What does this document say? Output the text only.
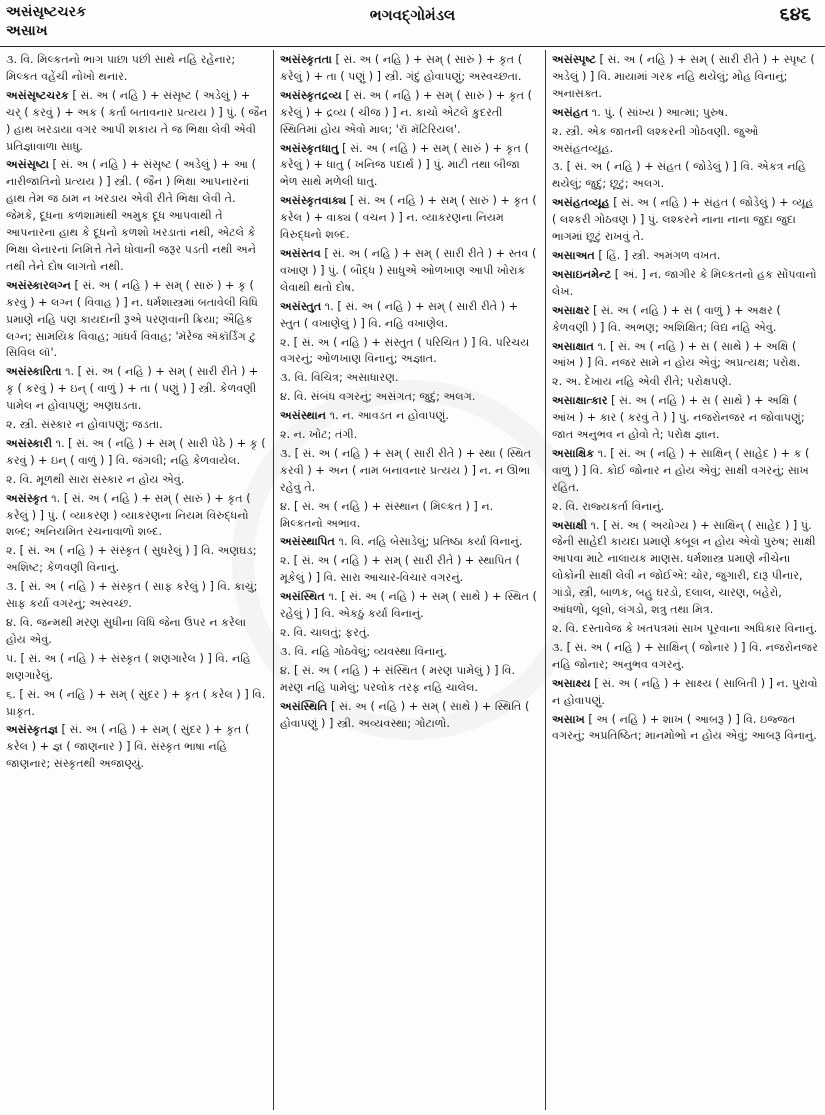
અસંસૃષ્ટચરક
અસાખ
ભગવદ્ગોમંડલ	૬૪૬

૩. વિ. મિલ્કતનો ભાગ પાછા પછી સાથે નહિ રહેનાર; મિલ્કત વહેંચી નોખો થનાર.

અસંસૃષ્ટચરક [ સં. અ ( નહિ ) + સંસૃષ્ટ ( અડેલું ) + ચર્ ( કરવું ) + અક ( કર્તા બતાવનાર પ્રત્યય ) ] પું. ( જૈન ) હાથ ખરડાયા વગર આપી શકાય તે જ ભિક્ષા લેવી એવી પ્રતિજ્ઞાવાળા સાધુ.

અસંસૃષ્ટા [ સં. અ ( નહિ ) + સંસૃષ્ટ ( અડેલું ) + આ ( નારીજાતિનો પ્રત્યય ) ] સ્ત્રી. ( જૈન ) ભિક્ષા આપનારનાં હાથ તેમ જ ઠામ ન ખરડાય એવી રીતે ભિક્ષા લેવી તે. જેમકે, દૂધના કળશામાંથી અમુક દૂધ આપવાથી તે આપનારના હાથ કે દૂધનો કળશો ખરડાતાં નથી, એટલે કે ભિક્ષા લેનારનાં નિમિત્તે તેને ધોવાની જરૂર પડતી નથી અને તથી તેને દોષ લાગતો નથી.

અસંસ્કારલગ્ન [ સં. અ ( નહિ ) + સમ્ ( સારું ) + કૃ ( કરવું ) + લગ્ન ( વિવાહ ) ] ન. ધર્મશાસ્ત્રમાં બતાવેલી વિધિ પ્રમાણે નહિ પણ કાયદાની રૂએ પરણવાની ક્રિયા; ઐહિક લગ્ન; સામયિક વિવાહ; ગાંધર્વ વિવાહ; 'મૅરેજ ઍકૉર્ડિંગ ટુ સિવિલ લૉ'.

અસંસ્કારિતા ૧. [ સં. અ ( નહિ ) + સમ્ ( સારી રીતે ) + કૃ ( કરવું ) + ઇન્ ( વાળું ) + તા ( પણું ) ] સ્ત્રી. કેળવણી પામેલ ન હોવાપણું; અણઘડતા.

૨. સ્ત્રી. સંસ્કાર ન હોવાપણું; જડતા.

અસંસ્કારી ૧. [ સં. અ ( નહિ ) + સમ્ ( સારી પેઠે ) + કૃ ( કરવું ) + ઇન્ ( વાળું ) ] વિ. જંગલી; નહિ કેળવાયેલ.

૨. વિ. મૂળથી સારા સંસ્કાર ન હોય એવું.

અસંસ્કૃત ૧. [ સં. અ ( નહિ ) + સમ્ ( સારું ) + કૃત ( કરેલું ) ] પું. ( વ્યાકરણ ) વ્યાકરણના નિયમ વિરુદ્ધનો શબ્દ; અનિયમિત રચનાવાળો શબ્દ.

૨. [ સં. અ ( નહિ ) + સંસ્કૃત ( સુધરેલું ) ] વિ. અણઘડ; અશિષ્ટ; કેળવણી વિનાનું.

૩. [ સં. અ ( નહિ ) + સંસ્કૃત ( સાફ કરેલું ) ] વિ. કાચું; સાફ કર્યા વગરનું; અસ્વચ્છ.

૪. વિ. જન્મથી મરણ સુધીના વિધિ જેના ઉપર ન કરેલા હોય એવું.

૫. [ સં. અ ( નહિ ) + સંસ્કૃત ( શણગારેલ ) ] વિ. નહિ શણગારેલું.

૬. [ સં. અ ( નહિ ) + સમ્ ( સુંદર ) + કૃત ( કરેલ ) ] વિ. પ્રાકૃત.

અસંસ્કૃતજ્ઞ [ સં. અ ( નહિ ) + સમ્ ( સુંદર ) + કૃત ( કરેલ ) + જ્ઞ ( જાણનાર ) ] વિ. સંસ્કૃત ભાષા નહિ જાણનાર; સંસ્કૃતથી અજાણ્યું.

અસંસ્કૃતતા [ સં. અ ( નહિ ) + સમ્ ( સારું ) + કૃત ( કરેલું ) + તા ( પણું ) ] સ્ત્રી. ગંદું હોવાપણું; અસ્વચ્છતા.

અસંસ્કૃતદ્રવ્ય [ સં. અ ( નહિ ) + સમ્ ( સારું ) + કૃત ( કરેલું ) + દ્રવ્ય ( ચીજ ) ] ન. કાચો એટલે કુદરતી સ્થિતિમાં હોય એવો માલ; 'રૉ મૅટિરિયલ'.

અસંસ્કૃતધાતુ [ સં. અ ( નહિ ) + સમ્ ( સારું ) + કૃત ( કરેલું ) + ધાતુ ( ખનિજ પદાર્થ ) ] પું. માટી તથા બીજા ભેળ સાથે મળેલી ધાતુ.

અસંસ્કૃતવાક્ય [ સં. અ ( નહિ ) + સમ્ ( સારું ) + કૃત ( કરેલ ) + વાક્ય ( વચન ) ] ન. વ્યાકરણના નિયમ વિરુદ્ધનો શબ્દ.

અસંસ્તવ [ સં. અ ( નહિ ) + સમ્ ( સારી રીતે ) + સ્તવ ( વખાણ ) ] પું. ( બૌદ્ધ ) સાધુએ ઓળખાણ આપી ખોરાક લેવાથી થતો દોષ.

અસંસ્તુત ૧. [ સં. અ ( નહિ ) + સમ્ ( સારી રીતે ) + સ્તુત ( વખાણેલું ) ] વિ. નહિ વખાણેલ.

૨. [ સં. અ ( નહિ ) + સંસ્તુત ( પરિચિત ) ] વિ. પરિચય વગરનું; ઓળખાણ વિનાનું; અજ્ઞાત.

૩. વિ. વિચિત્ર; અસાધારણ.

૪. વિ. સંબંધ વગરનું; અસંગત; જુદું; અલગ.

અસંસ્થાન ૧. ન. આવડત ન હોવાપણું.

૨. ન. ખોટ; તંગી.

૩. [ સં. અ ( નહિ ) + સમ્ ( સારી રીતે ) + સ્થા ( સ્થિત કરવી ) + અન ( નામ બનાવનાર પ્રત્યય ) ] ન. ન ઊભા રહેવું તે.

૪. [ સં. અ ( નહિ ) + સંસ્થાન ( મિલ્કત ) ] ન. મિલ્કતનો અભાવ.

અસંસ્થાપિત ૧. વિ. નહિ બેસાડેલું; પ્રતિષ્ઠા કર્યા વિનાનું.

૨. [ સં. અ ( નહિ ) + સમ્ ( સારી રીતે ) + સ્થાપિત ( મૂકેલું ) ] વિ. સારા આચાર-વિચાર વગરનું.

અસંસ્થિત ૧. [ સં. અ ( નહિ ) + સમ્ ( સાથે ) + સ્થિત ( રહેલું ) ] વિ. એકઠું કર્યા વિનાનું.

૨. વિ. ચાલતું; ફરતું.

૩. વિ. નહિ ગોઠવેલું; વ્યવસ્થા વિનાનું.

૪. [ સં. અ ( નહિ ) + સંસ્થિત ( મરણ પામેલું ) ] વિ. મરણ નહિ પામેલું; પરલોક તરફ નહિ ચાલેલ.

અસંસ્થિતિ [ સં. અ ( નહિ ) + સમ્ ( સાથે ) + સ્થિતિ ( હોવાપણું ) ] સ્ત્રી. અવ્યવસ્થા; ગોટાળો.

અસંસ્પૃષ્ટ [ સં. અ ( નહિ ) + સમ્ ( સારી રીતે ) + સ્પૃષ્ટ ( અડેલું ) ] વિ. માયામાં ગરક નહિ થયેલું; મોહ વિનાનું; અનાસક્ત.

અસંહત ૧. પું. ( સાંખ્ય ) આત્મા; પુરુષ.

૨. સ્ત્રી. એક જાતની લશ્કરની ગોઠવણી. જુઓ અસંહતવ્યૂહ.

૩. [ સં. અ ( નહિ ) + સંહત ( જોડેલું ) ] વિ. એકત્ર નહિ થયેલું; જુદું; છૂટું; અલગ.

અસંહતવ્યૂહ [ સં. અ ( નહિ ) + સંહત ( જોડેલું ) + વ્યૂહ ( લશ્કરી ગોઠવણ ) ] પું. લશ્કરને નાના નાના જુદા જુદા ભાગમાં છૂટું રાખવું તે.

અસાઅત [ હિં. ] સ્ત્રી. અમંગળ વખત.

અસાઇનમેન્ટ [ અં. ] ન. જાગીર કે મિલ્કતનો હક સોંપવાનો લેખ.

અસાક્ષર [ સં. અ ( નહિ ) + સ ( વાળું ) + અક્ષર ( કેળવણી ) ] વિ. અભણ; અશિક્ષિત; વિદ્ય નહિ એવું.

અસાક્ષાત ૧. [ સં. અ ( નહિ ) + સ ( સાથે ) + અક્ષિ ( આંખ ) ] વિ. નજર સામે ન હોય એવું; અપ્રત્યક્ષ; પરોક્ષ.

૨. અ. દેખાય નહિ એવી રીતે; પરોક્ષપણે.

અસાક્ષાત્કાર [ સં. અ ( નહિ ) + સ ( સાથે ) + અક્ષિ ( આંખ ) + કાર ( કરવું તે ) ] પું. નજરોનજર ન જોવાપણું; જાત અનુભવ ન હોવો તે; પરોક્ષ જ્ઞાન.

અસાક્ષિક ૧. [ સં. અ ( નહિ ) + સાક્ષિન્ ( સાહેદ ) + ક ( વાળું ) ] વિ. કોઈ જોનાર ન હોય એવું; સાક્ષી વગરનું; સાખ રહિત.

૨. વિ. રાજ્યકર્તા વિનાનું.

અસાક્ષી ૧. [ સં. અ ( અયોગ્ય ) + સાક્ષિન્ ( સાહેદ ) ] પું. જેની સાહેદી કાયદા પ્રમાણે કબૂલ ન હોય એવો પુરુષ; સાક્ષી આપવા માટે નાલાયક માણસ. ધર્મશાસ્ત્ર પ્રમાણે નીચેના લોકોની સાક્ષી લેવી ન જોઈએ: ચોર, જુગારી, દારૂ પીનાર, ગાંડો, સ્ત્રી, બાળક, બહુ ઘરડો, દલાલ, ચારણ, બહેરો, આંધળો, લૂલો, લંગડો, શત્રુ તથા મિત્ર.

૨. વિ. દસ્તાવેજ કે ખતપત્રમાં સાખ પૂરવાના અધિકાર વિનાનું.

૩. [ સં. અ ( નહિ ) + સાક્ષિન્ ( જોનાર ) ] વિ. નજરોનજર નહિ જોનાર; અનુભવ વગરનું.

અસાક્ષ્ય [ સં. અ ( નહિ ) + સાક્ષ્ય ( સાબિતી ) ] ન. પુરાવો ન હોવાપણું.

અસાખ [ અ ( નહિ ) + શાખ ( આબરૂ ) ] વિ. ઇજ્જત વગરનું; અપ્રતિષ્ઠિત; માનમોભો ન હોય એવું; આબરૂ વિનાનું.
